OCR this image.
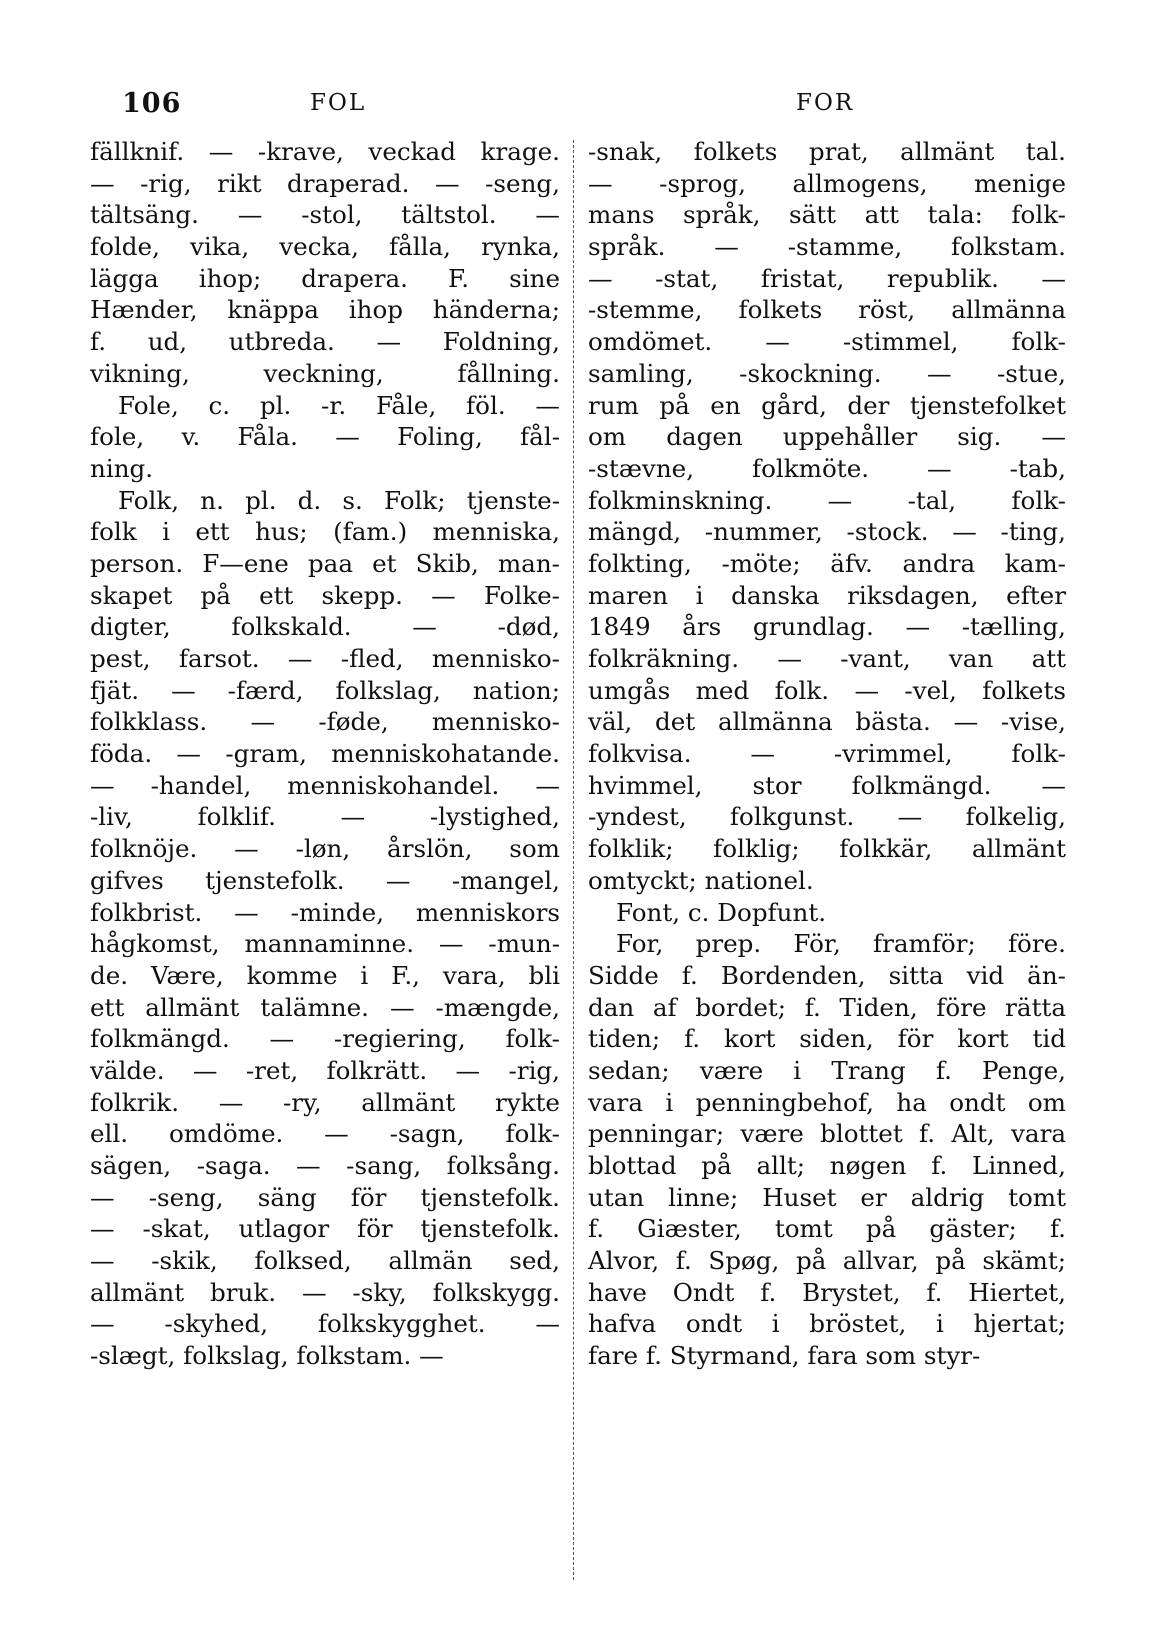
106	FOL	FOR
fällknif. — -krave, veckad krage.
— -rig, rikt draperad. — -seng,
tältsäng. — -stol, tältstol. —
folde, vika, vecka, fålla, rynka,
lägga ihop; drapera. F. sine
Hænder, knäppa ihop händerna;
f. ud, utbreda. — Foldning,
vikning, veckning, fållning.
Fole, c. pl. -r. Fåle, föl. —
fole, v. Fåla. — Foling, fål-
ning.
Folk, n. pl. d. s. Folk; tjenste-
folk i ett hus; (fam.) menniska,
person. F—ene paa et Skib, man-
skapet på ett skepp. — Folke-
digter, folkskald. — -død,
pest, farsot. — -fled, mennisko-
fjät. — -færd, folkslag, nation;
folkklass. — -føde, mennisko-
föda. — -gram, menniskohatande.
— -handel, menniskohandel. —
-liv, folklif. — -lystighed,
folknöje. — -løn, årslön, som
gifves tjenstefolk. — -mangel,
folkbrist. — -minde, menniskors
hågkomst, mannaminne. — -mun-
de. Være, komme i F., vara, bli
ett allmänt talämne. — -mængde,
folkmängd. — -regiering, folk-
välde. — -ret, folkrätt. — -rig,
folkrik. — -ry, allmänt rykte
ell. omdöme. — -sagn, folk-
sägen, -saga. — -sang, folksång.
— -seng, säng för tjenstefolk.
— -skat, utlagor för tjenstefolk.
— -skik, folksed, allmän sed,
allmänt bruk. — -sky, folkskygg.
— -skyhed, folkskygghet. —
-slægt, folkslag, folkstam. —
-snak, folkets prat, allmänt tal.
— -sprog, allmogens, menige
mans språk, sätt att tala: folk-
språk. — -stamme, folkstam.
— -stat, fristat, republik. —
-stemme, folkets röst, allmänna
omdömet. — -stimmel, folk-
samling, -skockning. — -stue,
rum på en gård, der tjenstefolket
om dagen uppehåller sig. —
-stævne, folkmöte. — -tab,
folkminskning. — -tal, folk-
mängd, -nummer, -stock. — -ting,
folkting, -möte; äfv. andra kam-
maren i danska riksdagen, efter
1849 års grundlag. — -tælling,
folkräkning. — -vant, van att
umgås med folk. — -vel, folkets
väl, det allmänna bästa. — -vise,
folkvisa. — -vrimmel, folk-
hvimmel, stor folkmängd. —
-yndest, folkgunst. — folkelig,
folklik; folklig; folkkär, allmänt
omtyckt; nationel.
Font, c. Dopfunt.
For, prep. För, framför; före.
Sidde f. Bordenden, sitta vid än-
dan af bordet; f. Tiden, före rätta
tiden; f. kort siden, för kort tid
sedan; være i Trang f. Penge,
vara i penningbehof, ha ondt om
penningar; være blottet f. Alt, vara
blottad på allt; nøgen f. Linned,
utan linne; Huset er aldrig tomt
f. Giæster, tomt på gäster; f.
Alvor, f. Spøg, på allvar, på skämt;
have Ondt f. Brystet, f. Hiertet,
hafva ondt i bröstet, i hjertat;
fare f. Styrmand, fara som styr-
